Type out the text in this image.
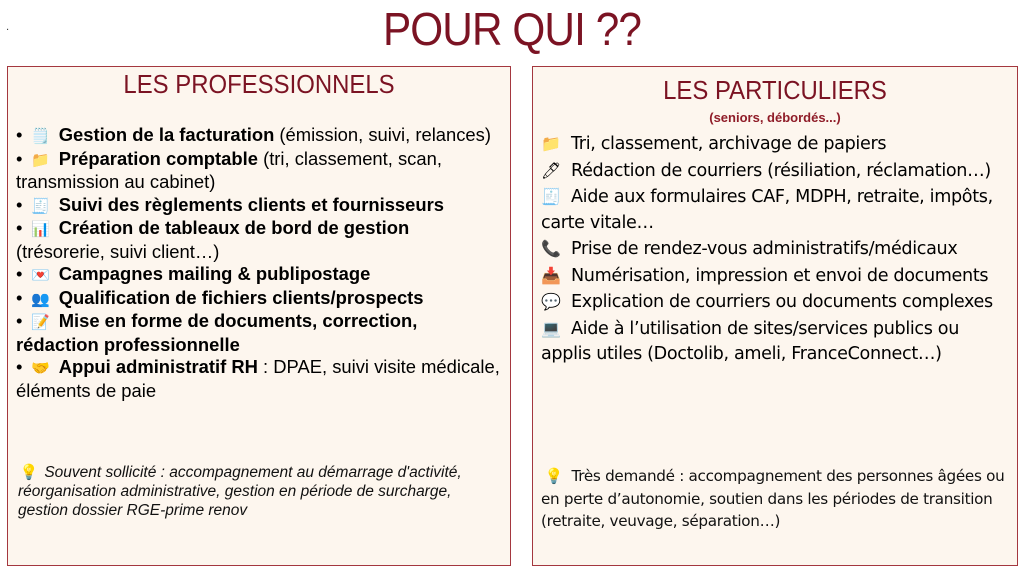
.	POUR QUI ??
LES PROFESSIONNELS
• 🗒️ Gestion de la facturation (émission, suivi, relances)
• 📁 Préparation comptable (tri, classement, scan, transmission au cabinet)
• 🧾 Suivi des règlements clients et fournisseurs
• 📊 Création de tableaux de bord de gestion (trésorerie, suivi client…)
• 💌 Campagnes mailing & publipostage
• 👥 Qualification de fichiers clients/prospects
• 📝 Mise en forme de documents, correction, rédaction professionnelle
• 🤝 Appui administratif RH : DPAE, suivi visite médicale, éléments de paie
💡 Souvent sollicité : accompagnement au démarrage d'activité, réorganisation administrative, gestion en période de surcharge, gestion dossier RGE-prime renov
LES PARTICULIERS
(seniors, débordés...)
📁 Tri, classement, archivage de papiers
🖊 Rédaction de courriers (résiliation, réclamation…)
🧾 Aide aux formulaires CAF, MDPH, retraite, impôts, carte vitale…
📞 Prise de rendez-vous administratifs/médicaux
📥 Numérisation, impression et envoi de documents
💬 Explication de courriers ou documents complexes
💻 Aide à l’utilisation de sites/services publics ou applis utiles (Doctolib, ameli, FranceConnect…)
💡 Très demandé : accompagnement des personnes âgées ou en perte d’autonomie, soutien dans les périodes de transition (retraite, veuvage, séparation…)
